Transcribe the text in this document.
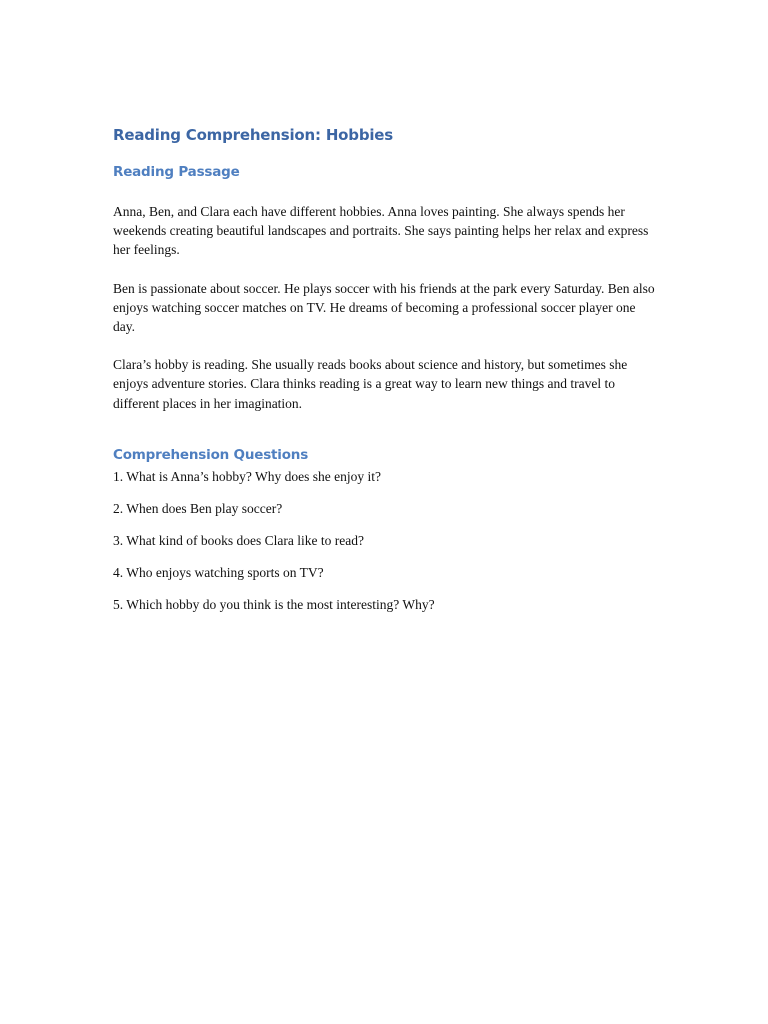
Reading Comprehension: Hobbies
Reading Passage

Anna, Ben, and Clara each have different hobbies. Anna loves painting. She always spends her weekends creating beautiful landscapes and portraits. She says painting helps her relax and express her feelings.

Ben is passionate about soccer. He plays soccer with his friends at the park every Saturday. Ben also enjoys watching soccer matches on TV. He dreams of becoming a professional soccer player one day.

Clara’s hobby is reading. She usually reads books about science and history, but sometimes she enjoys adventure stories. Clara thinks reading is a great way to learn new things and travel to different places in her imagination.

Comprehension Questions

1. What is Anna’s hobby? Why does she enjoy it?

2. When does Ben play soccer?

3. What kind of books does Clara like to read?

4. Who enjoys watching sports on TV?

5. Which hobby do you think is the most interesting? Why?
